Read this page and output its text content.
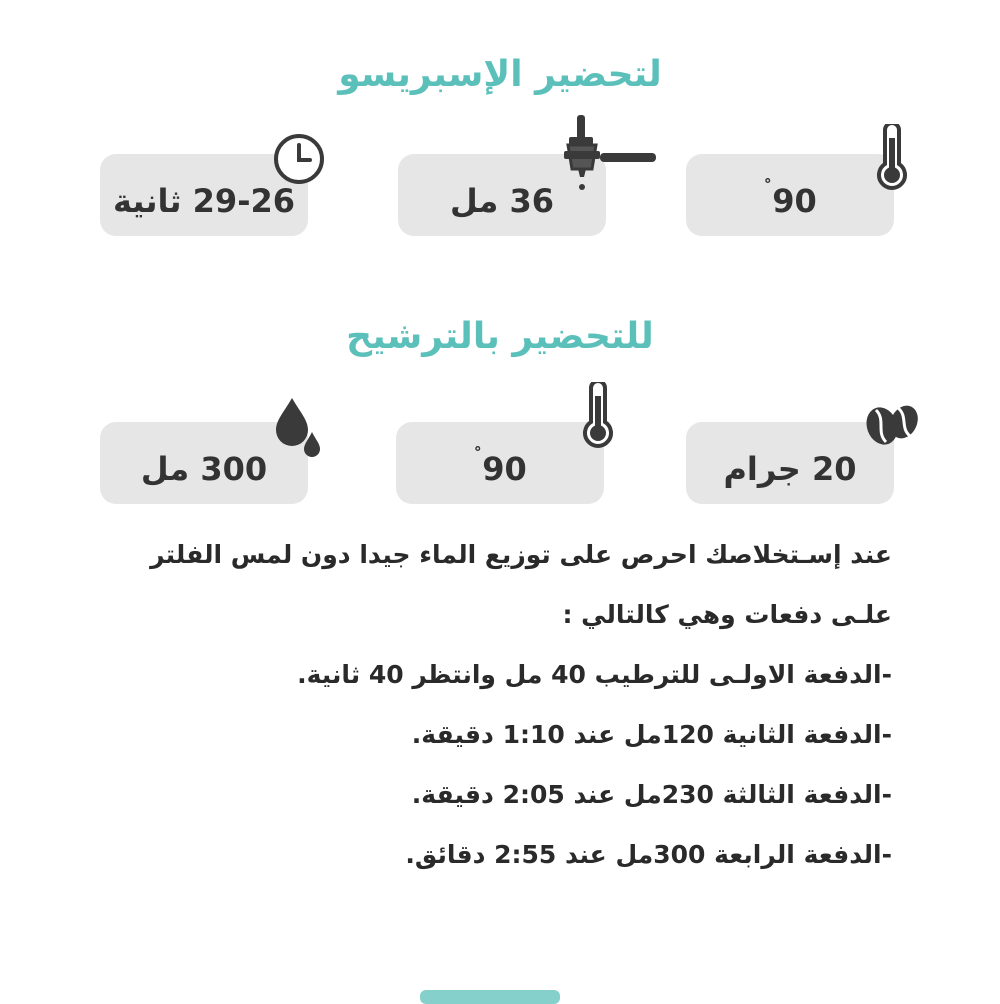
لتحضير الإسبريسو
29-26 ثانية	36 مل	90˚
للتحضير بالترشيح
300 مل	90˚	20 جرام
عند إسـتخلاصك احرص على توزيع الماء جيدا دون لمس الفلتر
علـى دفعات وهي كالتالي :
-الدفعة الاولـى للترطيب 40 مل وانتظر 40 ثانية.
-الدفعة الثانية 120مل عند 1:10 دقيقة.
-الدفعة الثالثة 230مل عند 2:05 دقيقة.
-الدفعة الرابعة 300مل عند 2:55 دقائق.
